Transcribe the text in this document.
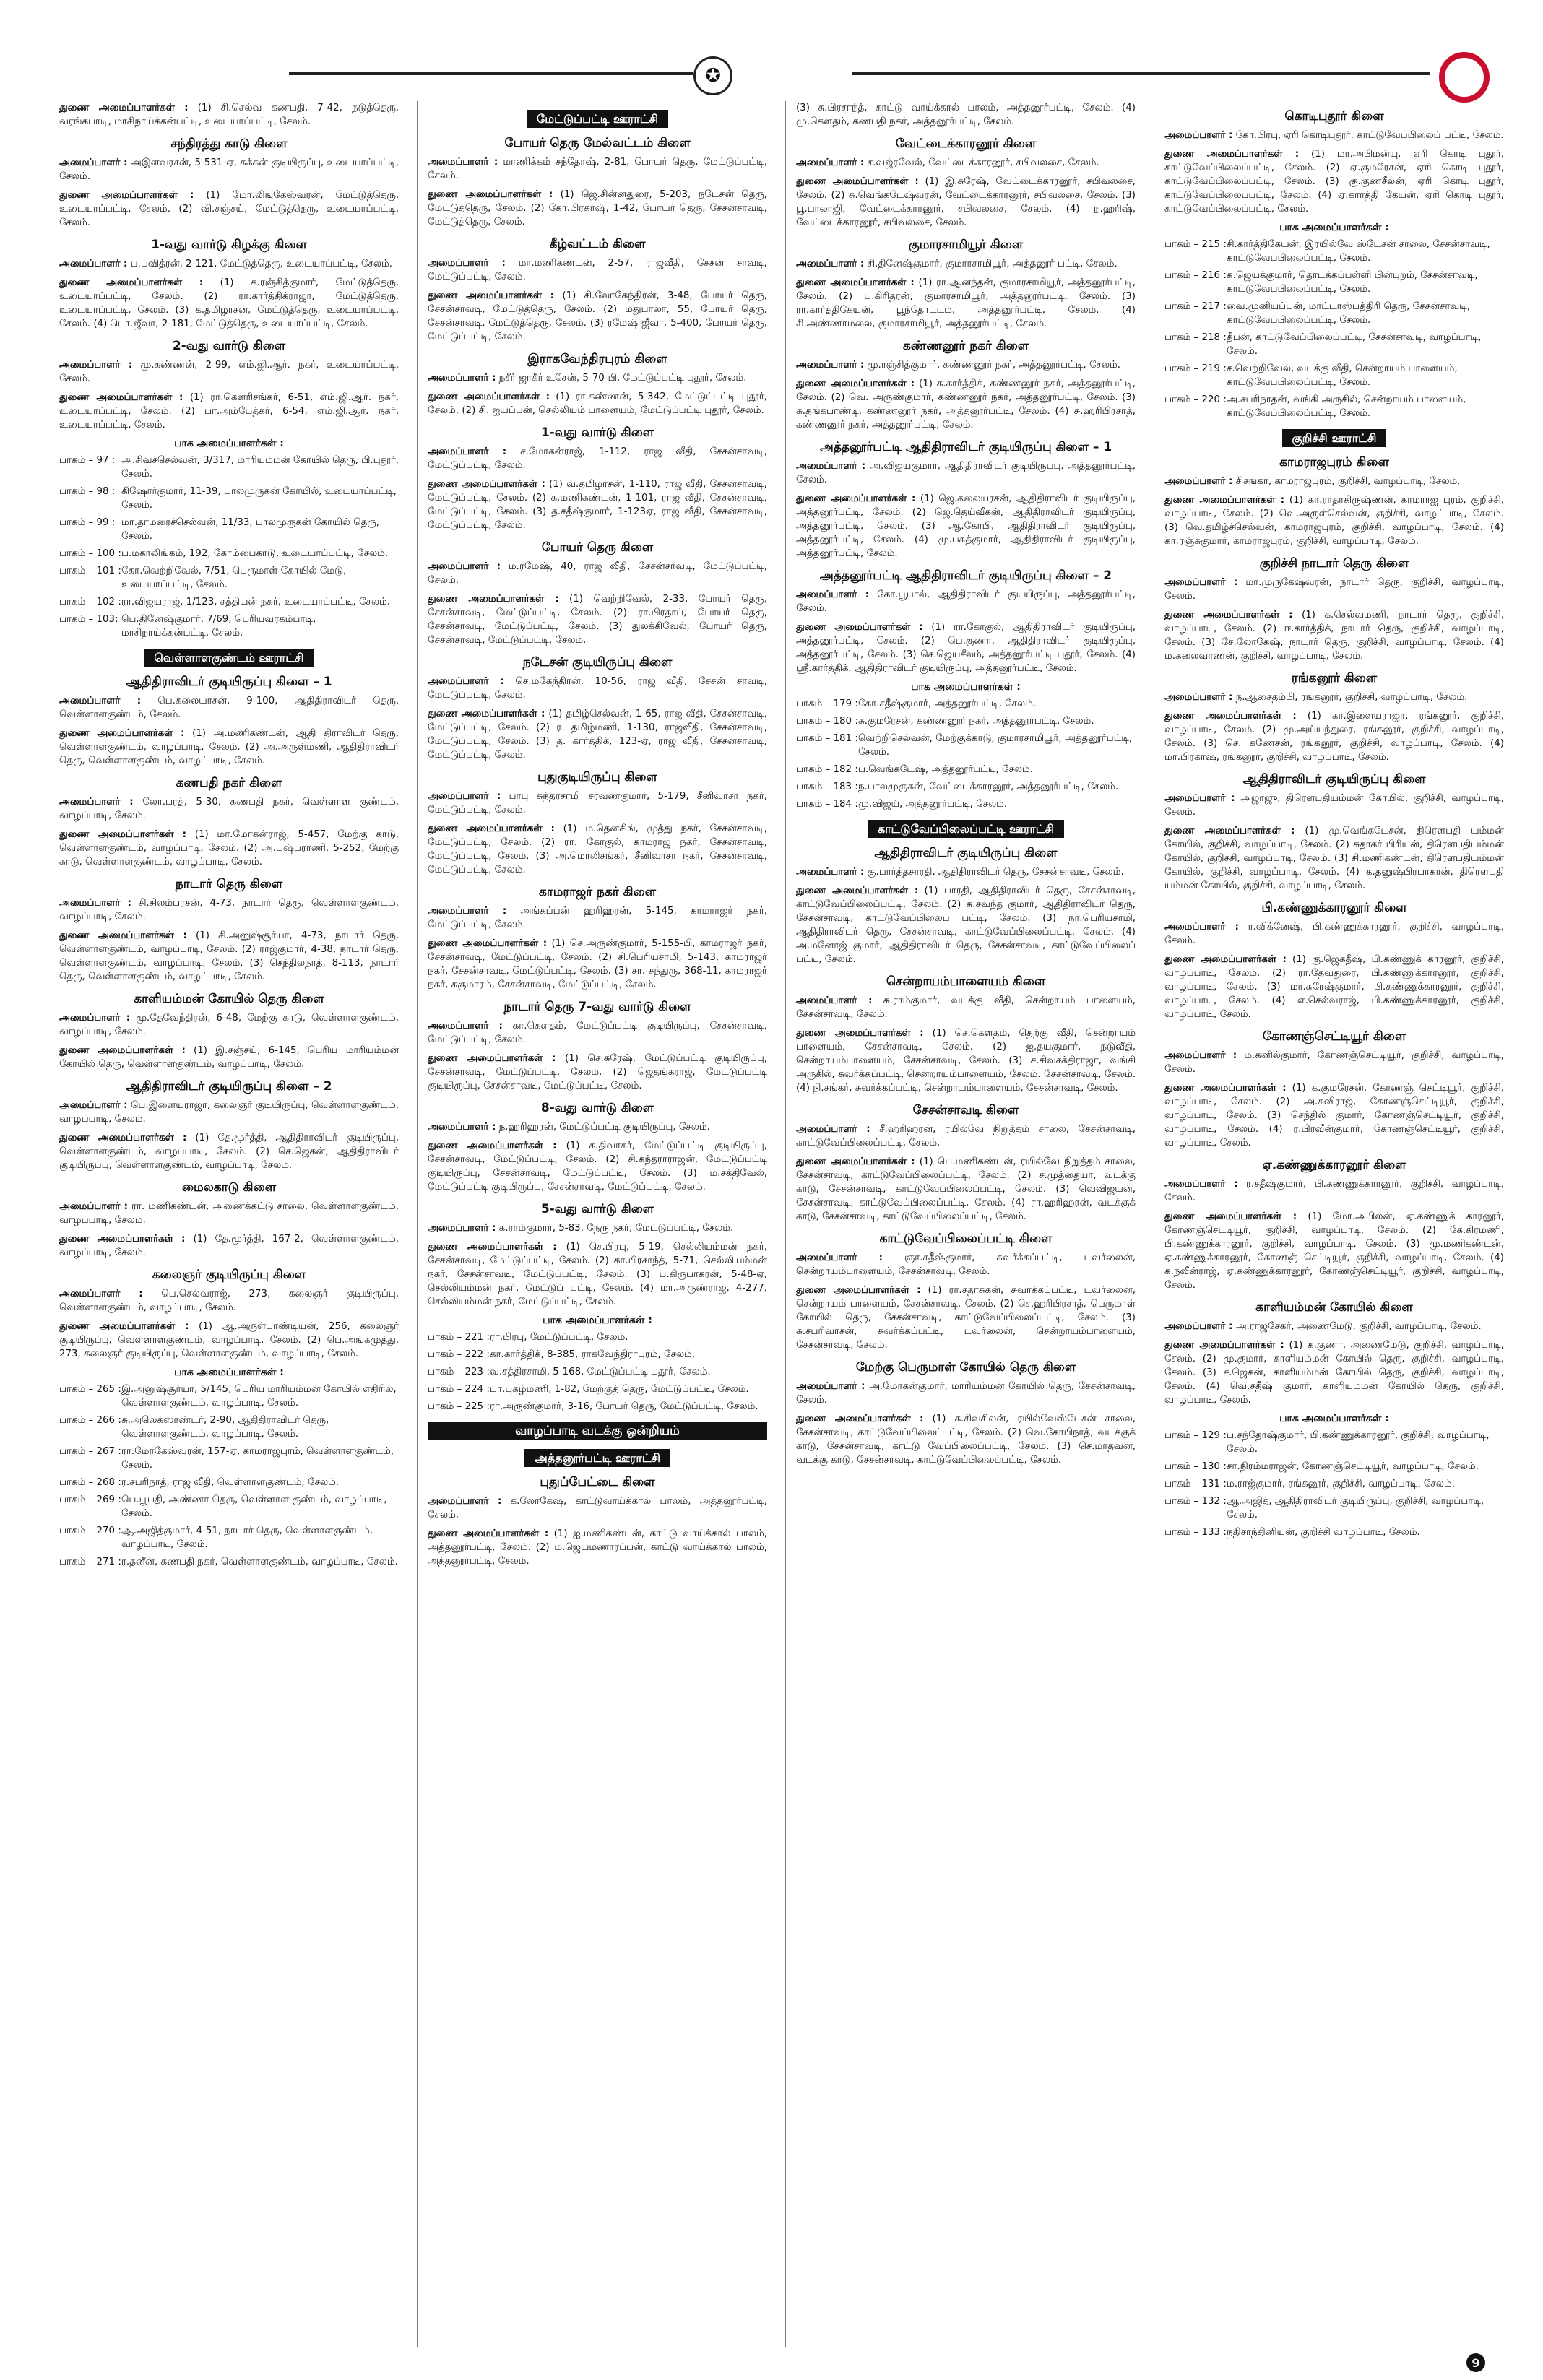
✪

துணை அமைப்பாளர்கள் : (1) சி.செல்வ கணபதி, 7-42, நடுத்தெரு, வரங்கபாடி, மாசிநாய்க்கன்பட்டி, உடையாப்பட்டி, சேலம்.

சந்திரத்து காடு கிளை

அமைப்பாளர் : அஇளவரசன், 5-531-ஏ, சுக்கன் குடியிருப்பு, உடையாப்பட்டி, சேலம்.

துணை அமைப்பாளர்கள் : (1) மோ.லிங்கேஸ்வரன், மேட்டுத்தெரு, உடையாப்பட்டி, சேலம். (2) வி.சஞ்சய், மேட்டுத்தெரு, உடையாப்பட்டி, சேலம்.

1-வது வார்டு கிழக்கு கிளை

அமைப்பாளர் : ப.பவித்ரன், 2-121, மேட்டுத்தெரு, உடையாப்பட்டி, சேலம்.

துணை அமைப்பாளர்கள் : (1) க.ரஞ்சித்குமார், மேட்டுத்தெரு, உடையாப்பட்டி, சேலம். (2) ரா.கார்த்திக்ராஜா, மேட்டுத்தெரு, உடையாப்பட்டி, சேலம். (3) க.தமிழரசன், மேட்டுத்தெரு, உடையாப்பட்டி, சேலம். (4) பொ.ஜீவா, 2-181, மேட்டுத்தெரு, உடையாப்பட்டி, சேலம்.

2-வது வார்டு கிளை

அமைப்பாளர் : மு.கண்ணன், 2-99, எம்.ஜி.ஆர். நகர், உடையாப்பட்டி, சேலம்.

துணை அமைப்பாளர்கள் : (1) ரா.கௌரிசங்கர், 6-51, எம்.ஜி.ஆர். நகர், உடையாப்பட்டி, சேலம். (2) பா.அம்பேத்கர், 6-54, எம்.ஜி.ஆர். நகர், உடையாப்பட்டி, சேலம்.

பாக அமைப்பாளர்கள் :
பாகம் – 97 : அ.சிவச்செல்வன், 3/317, மாரியம்மன் கோயில் தெரு, பி.புதூர், சேலம்.
பாகம் – 98 : கிஷோர்குமார், 11-39, பாலமுருகன் கோயில், உடையாப்பட்டி, சேலம்.
பாகம் – 99 : மா.தாமரைச்செல்வன், 11/33, பாலமுருகன் கோயில் தெரு, சேலம்.
பாகம் – 100 : ப.மகாலிங்கம், 192, கோம்பைகாடு, உடையாப்பட்டி, சேலம்.
பாகம் – 101 : கோ.வெற்றிவேல், 7/51, பெருமாள் கோயில் மேடு, உடையாப்பட்டி, சேலம்.
பாகம் – 102 : ரா.விஜயராஜ், 1/123, சத்தியன் நகர், உடையாப்பட்டி, சேலம்.
பாகம் – 103: பெ.தினேஷ்குமார், 7/69, பெரியவரகம்பாடி, மாசிநாய்க்கன்பட்டி, சேலம்.
வெள்ளாளகுண்டம் ஊராட்சி
ஆதிதிராவிடர் குடியிருப்பு கிளை – 1

அமைப்பாளர் : பெ.கலையரசன், 9-100, ஆதிதிராவிடர் தெரு, வெள்ளாளகுண்டம், சேலம்.

துணை அமைப்பாளர்கள் : (1) அ.மணிகண்டன், ஆதி திராவிடர் தெரு, வெள்ளாளகுண்டம், வாழப்பாடி, சேலம். (2) அ.அருள்மணி, ஆதிதிராவிடர் தெரு, வெள்ளாளகுண்டம், வாழப்பாடி, சேலம்.

கணபதி நகர் கிளை

அமைப்பாளர் : லோ.பரத், 5-30, கணபதி நகர், வெள்ளாள குண்டம், வாழப்பாடி, சேலம்.

துணை அமைப்பாளர்கள் : (1) மா.மோகன்ராஜ், 5-457, மேற்கு காடு, வெள்ளாளகுண்டம், வாழப்பாடி, சேலம். (2) அ.புஷ்பராணி, 5-252, மேற்கு காடு, வெள்ளாளகுண்டம், வாழப்பாடி, சேலம்.

நாடார் தெரு கிளை

அமைப்பாளர் : சி.சிலம்பரசன், 4-73, நாடார் தெரு, வெள்ளாளகுண்டம், வாழப்பாடி, சேலம்.

துணை அமைப்பாளர்கள் : (1) சி.அனுஷ்சூர்யா, 4-73, நாடார் தெரு, வெள்ளாளகுண்டம், வாழப்பாடி, சேலம். (2) ராஜ்குமார், 4-38, நாடார் தெரு, வெள்ளாளகுண்டம், வாழப்பாடி, சேலம். (3) செந்தில்நாத், 8-113, நாடார் தெரு, வெள்ளாளகுண்டம், வாழப்பாடி, சேலம்.

காளியம்மன் கோயில் தெரு கிளை

அமைப்பாளர் : மு.தேவேந்திரன், 6-48, மேற்கு காடு, வெள்ளாளகுண்டம், வாழப்பாடி, சேலம்.

துணை அமைப்பாளர்கள் : (1) இ.சஞ்சய், 6-145, பெரிய மாரியம்மன் கோயில் தெரு, வெள்ளாளகுண்டம், வாழப்பாடி, சேலம்.

ஆதிதிராவிடர் குடியிருப்பு கிளை – 2

அமைப்பாளர் : பெ.இளையராஜா, கலைஞர் குடியிருப்பு, வெள்ளாளகுண்டம், வாழப்பாடி, சேலம்.

துணை அமைப்பாளர்கள் : (1) தே.மூர்த்தி, ஆதிதிராவிடர் குடியிருப்பு, வெள்ளாளகுண்டம், வாழப்பாடி, சேலம். (2) செ.ஜெகன், ஆதிதிராவிடர் குடியிருப்பு, வெள்ளாளகுண்டம், வாழப்பாடி, சேலம்.

மைலகாடு கிளை

அமைப்பாளர் : ரா. மணிகண்டன், அணைக்கட்டு சாலை, வெள்ளாளகுண்டம், வாழப்பாடி, சேலம்.

துணை அமைப்பாளர்கள் : (1) தே.மூர்த்தி, 167-2, வெள்ளாளகுண்டம், வாழப்பாடி, சேலம்.

கலைஞர் குடியிருப்பு கிளை

அமைப்பாளர் : பெ.செல்வராஜ், 273, கலைஞர் குடியிருப்பு, வெள்ளாளகுண்டம், வாழப்பாடி, சேலம்.

துணை அமைப்பாளர்கள் : (1) ஆ.அருள்பாண்டியன், 256, கலைஞர் குடியிருப்பு, வெள்ளாளகுண்டம், வாழப்பாடி, சேலம். (2) பெ.அங்கமுத்து, 273, கலைஞர் குடியிருப்பு, வெள்ளாளகுண்டம், வாழப்பாடி, சேலம்.

பாக அமைப்பாளர்கள் :
பாகம் – 265 : இ.அனுஷ்சூர்யா, 5/145, பெரிய மாரியம்மன் கோயில் எதிரில், வெள்ளாளகுண்டம், வாழப்பாடி, சேலம்.
பாகம் – 266 : சு.அலெக்ஸாண்டர், 2-90, ஆதிதிராவிடர் தெரு, வெள்ளாளகுண்டம், வாழப்பாடி, சேலம்.
பாகம் – 267 : ரா.மோகேஸ்வரன், 157-ஏ, காமராஜபுரம், வெள்ளாளகுண்டம், சேலம்.
பாகம் – 268 : ர.சபரிநாத், ராஜ வீதி, வெள்ளாளகுண்டம், சேலம்.
பாகம் – 269 : பெ.பூபதி, அண்ணா தெரு, வெள்ளாள குண்டம், வாழப்பாடி, சேலம்.
பாகம் – 270 : ஆ.அஜித்குமார், 4-51, நாடார் தெரு, வெள்ளாளகுண்டம், வாழப்பாடி, சேலம்.
பாகம் – 271 : ர.தனீன், கணபதி நகர், வெள்ளாளகுண்டம், வாழப்பாடி, சேலம்.
மேட்டுப்பட்டி ஊராட்சி
போயர் தெரு மேல்வட்டம் கிளை

அமைப்பாளர் : மாணிக்கம் சந்தோஷ், 2-81, போயர் தெரு, மேட்டுப்பட்டி, சேலம்.

துணை அமைப்பாளர்கள் : (1) ஜெ.சின்னதுரை, 5-203, நடேசன் தெரு, மேட்டுத்தெரு, சேலம். (2) கோ.பிரகாஷ், 1-42, போயர் தெரு, சேசன்சாவடி, மேட்டுத்தெரு, சேலம்.

கீழ்வட்டம் கிளை

அமைப்பாளர் : மா.மணிகண்டன், 2-57, ராஜவீதி, சேசன் சாவடி, மேட்டுப்பட்டி, சேலம்.

துணை அமைப்பாளர்கள் : (1) சி.லோகேந்திரன், 3-48, போயர் தெரு, சேசன்சாவடி, மேட்டுத்தெரு, சேலம். (2) மதுபாலா, 55, போயர் தெரு, சேசன்சாவடி, மேட்டுத்தெரு, சேலம். (3) ரமேஷ் ஜீவா, 5-400, போயர் தெரு, மேட்டுப்பட்டி, சேலம்.

இராகவேந்திரபுரம் கிளை

அமைப்பாளர் : நசீர் ஜாகீர் உசேன், 5-70-பி, மேட்டுப்பட்டி புதூர், சேலம்.

துணை அமைப்பாளர்கள் : (1) ரா.கண்ணன், 5-342, மேட்டுப்பட்டி புதூர், சேலம். (2) சி. ஐயப்பன், செல்லியம் பாளையம், மேட்டுப்பட்டி புதூர், சேலம்.

1-வது வார்டு கிளை

அமைப்பாளர் : ச.மோகன்ராஜ், 1-112, ராஜ வீதி, சேசன்சாவடி, மேட்டுப்பட்டி, சேலம்.

துணை அமைப்பாளர்கள் : (1) வ.தமிழரசன், 1-110, ராஜ வீதி, சேசன்சாவடி, மேட்டுப்பட்டி, சேலம். (2) க.மணிகண்டன், 1-101, ராஜ வீதி, சேசன்சாவடி, மேட்டுப்பட்டி, சேலம். (3) த.சதீஷ்குமார், 1-123ஏ, ராஜ வீதி, சேசன்சாவடி, மேட்டுப்பட்டி, சேலம்.

போயர் தெரு கிளை

அமைப்பாளர் : ம.ரமேஷ், 40, ராஜ வீதி, சேசன்சாவடி, மேட்டுப்பட்டி, சேலம்.

துணை அமைப்பாளர்கள் : (1) வெற்றிவேல், 2-33, போயர் தெரு, சேசன்சாவடி, மேட்டுப்பட்டி, சேலம். (2) ரா.பிரதாப், போயர் தெரு, சேசன்சாவடி, மேட்டுப்பட்டி, சேலம். (3) துலக்கிவேல், போயர் தெரு, சேசன்சாவடி, மேட்டுப்பட்டி, சேலம்.

நடேசன் குடியிருப்பு கிளை

அமைப்பாளர் : செ.மகேந்திரன், 10-56, ராஜ வீதி, சேசன் சாவடி, மேட்டுப்பட்டி, சேலம்.

துணை அமைப்பாளர்கள் : (1) தமிழ்செல்வன், 1-65, ராஜ வீதி, சேசன்சாவடி, மேட்டுப்பட்டி, சேலம். (2) ர. தமிழ்மணி, 1-130, ராஜவீதி, சேசன்சாவடி, மேட்டுப்பட்டி, சேலம். (3) த. கார்த்திக், 123-ஏ, ராஜ வீதி, சேசன்சாவடி, மேட்டுப்பட்டி, சேலம்.

புதுகுடியிருப்பு கிளை

அமைப்பாளர் : பாபு சுந்தரசாமி சரவணகுமார், 5-179, சீனிவாசா நகர், மேட்டுப்பட்டி, சேலம்.

துணை அமைப்பாளர்கள் : (1) ம.தெனசிங், முத்து நகர், சேசன்சாவடி, மேட்டுப்பட்டி, சேலம். (2) ரா. கோகுல், காமராஜ நகர், சேசன்சாவடி, மேட்டுப்பட்டி, சேலம். (3) அ.மொலிசங்கர், சீனிவாசா நகர், சேசன்சாவடி, மேட்டுப்பட்டி, சேலம்.

காமராஜர் நகர் கிளை

அமைப்பாளர் : அங்கப்பன் ஹரிஹரன், 5-145, காமராஜர் நகர், மேட்டுப்பட்டி, சேலம்.

துணை அமைப்பாளர்கள் : (1) செ.அருண்குமார், 5-155-பி, காமராஜர் நகர், சேசன்சாவடி, மேட்டுப்பட்டி, சேலம். (2) சி.பெரியசாமி, 5-143, காமராஜர் நகர், சேசன்சாவடி, மேட்டுப்பட்டி, சேலம். (3) சா. சந்துரு, 368-11, காமராஜர் நகர், சுகுமாரம், சேசன்சாவடி, மேட்டுப்பட்டி, சேலம்.

நாடார் தெரு 7-வது வார்டு கிளை

அமைப்பாளர் : கா.கௌதம், மேட்டுப்பட்டி குடியிருப்பு, சேசன்சாவடி, மேட்டுப்பட்டி, சேலம்.

துணை அமைப்பாளர்கள் : (1) செ.சுரேஷ், மேட்டுப்பட்டி குடியிருப்பு, சேசன்சாவடி, மேட்டுப்பட்டி, சேலம். (2) ஜெதங்கராஜ், மேட்டுப்பட்டி குடியிருப்பு, சேசன்சாவடி, மேட்டுப்பட்டி, சேலம்.

8-வது வார்டு கிளை

அமைப்பாளர் : ந.ஹரிஹரன், மேட்டுப்பட்டி குடியிருப்பு, சேலம்.

துணை அமைப்பாளர்கள் : (1) க.திவாகர், மேட்டுப்பட்டி குடியிருப்பு, சேசன்சாவடி, மேட்டுப்பட்டி, சேலம். (2) சி.கந்தராராஜன், மேட்டுப்பட்டி குடியிருப்பு, சேசன்சாவடி, மேட்டுப்பட்டி, சேலம். (3) ம.சக்திவேல், மேட்டுப்பட்டி குடியிருப்பு, சேசன்சாவடி, மேட்டுப்பட்டி, சேலம்.

5-வது வார்டு கிளை

அமைப்பாளர் : க.ராம்குமார், 5-83, நேரு நகர், மேட்டுப்பட்டி, சேலம்.

துணை அமைப்பாளர்கள் : (1) செ.பிரபு, 5-19, செல்லியம்மன் நகர், சேசன்சாவடி, மேட்டுப்பட்டி, சேலம். (2) கா.பிரசாந்த், 5-71, செல்லியம்மன் நகர், சேசன்சாவடி, மேட்டுப்பட்டி, சேலம். (3) ப.கிருபாகரன், 5-48-ஏ, செல்லியம்மன் நகர், மேட்டுப் பட்டி, சேலம். (4) மா.அருண்ராஜ், 4-277, செல்லியம்மன் நகர், மேட்டுப்பட்டி, சேலம்.

பாக அமைப்பாளர்கள் :
பாகம் – 221 : ரா.பிரபு, மேட்டுப்பட்டி, சேலம்.
பாகம் – 222 : கா.கார்த்திக், 8-385, ராகவேந்திராபுரம், சேலம்.
பாகம் – 223 : வ.சத்திரசாமி, 5-168, மேட்டுப்பட்டி புதூர், சேலம்.
பாகம் – 224 : பா.புகழ்மணி, 1-82, மேற்குத் தெரு, மேட்டுப்பட்டி, சேலம்.
பாகம் – 225 : ரா.அருண்குமார், 3-16, போயர் தெரு, மேட்டுப்பட்டி, சேலம்.
வாழப்பாடி வடக்கு ஒன்றியம்
அத்தனூர்பட்டி ஊராட்சி
புதுப்பேட்டை கிளை

அமைப்பாளர் : க.லோகேஷ், காட்டுவாய்க்கால் பாலம், அத்தனூர்பட்டி, சேலம்.

துணை அமைப்பாளர்கள் : (1) ஐ.மணிகண்டன், காட்டு வாய்க்கால் பாலம், அத்தனூர்பட்டி, சேலம். (2) ம.ஜெயமணாரப்பன், காட்டு வாய்க்கால் பாலம், அத்தனூர்பட்டி, சேலம்.

(3) சு.பிரசாந்த், காட்டு வாய்க்கால் பாலம், அத்தனூர்பட்டி, சேலம். (4) மு.கௌதம், கணபதி நகர், அத்தனூர்பட்டி, சேலம்.

வேட்டைக்காரனூர் கிளை

அமைப்பாளர் : ச.வஜ்ரவேல், வேட்டைக்காரனூர், சபிவலசை, சேலம்.

துணை அமைப்பாளர்கள் : (1) இ.சுரேஷ், வேட்டைக்காரனூர், சபிவலசை, சேலம். (2) சு.வெங்கடேஷ்வரன், வேட்டைக்காரனூர், சபிவலசை, சேலம். (3) பூ.பாலாஜி, வேட்டைக்காரனூர், சபிவலசை, சேலம். (4) ந.ஹரிஷ், வேட்டைக்காரனூர், சபிவலசை, சேலம்.

குமாரசாமியூர் கிளை

அமைப்பாளர் : சி.தினேஷ்குமார், குமாரசாமியூர், அத்தனூர் பட்டி, சேலம்.

துணை அமைப்பாளர்கள் : (1) ரா.ஆனந்தன், குமாரசாமியூர், அத்தனூர்பட்டி, சேலம். (2) ப.கிரிதரன், குமாரசாமியூர், அத்தனூர்பட்டி, சேலம். (3) ரா.கார்த்திகேயன், பூந்தோட்டம், அத்தனூர்பட்டி, சேலம். (4) சி.அண்ணாமலை, குமாரசாமியூர், அத்தனூர்பட்டி, சேலம்.

கண்ணனூர் நகர் கிளை

அமைப்பாளர் : மு.ரஞ்சித்குமார், கண்ணனூர் நகர், அத்தனூர்பட்டி, சேலம்.

துணை அமைப்பாளர்கள் : (1) க.கார்த்திக், கண்ணனூர் நகர், அத்தனூர்பட்டி, சேலம். (2) வெ. அருண்குமார், கண்ணனூர் நகர், அத்தனூர்பட்டி, சேலம். (3) சு.தங்கபாண்டி, கண்ணனூர் நகர், அத்தனூர்பட்டி, சேலம். (4) சு.ஹரிபிரசாத், கண்ணனூர் நகர், அத்தனூர்பட்டி, சேலம்.

அத்தனூர்பட்டி ஆதிதிராவிடர் குடியிருப்பு கிளை – 1

அமைப்பாளர் : அ.விஜய்குமார், ஆதிதிராவிடர் குடியிருப்பு, அத்தனூர்பட்டி, சேலம்.

துணை அமைப்பாளர்கள் : (1) ஜெ.கலையரசன், ஆதிதிராவிடர் குடியிருப்பு, அத்தனூர்பட்டி, சேலம். (2) ஜெ.தெய்வீகன், ஆதிதிராவிடர் குடியிருப்பு, அத்தனூர்பட்டி, சேலம். (3) ஆ.கோபி, ஆதிதிராவிடர் குடியிருப்பு, அத்தனூர்பட்டி, சேலம். (4) மு.பசுத்குமார், ஆதிதிராவிடர் குடியிருப்பு, அத்தனூர்பட்டி, சேலம்.

அத்தனூர்பட்டி ஆதிதிராவிடர் குடியிருப்பு கிளை – 2

அமைப்பாளர் : கோ.பூபால், ஆதிதிராவிடர் குடியிருப்பு, அத்தனூர்பட்டி, சேலம்.

துணை அமைப்பாளர்கள் : (1) ரா.கோகுல், ஆதிதிராவிடர் குடியிருப்பு, அத்தனூர்பட்டி, சேலம். (2) பெ.குணா, ஆதிதிராவிடர் குடியிருப்பு, அத்தனூர்பட்டி, சேலம். (3) செ.ஜெயசீலம், அத்தனூர்பட்டி புதூர், சேலம். (4) ஸ்ரீ.கார்த்திக், ஆதிதிராவிடர் குடியிருப்பு, அத்தனூர்பட்டி, சேலம்.

பாக அமைப்பாளர்கள் :
பாகம் – 179 : கோ.சதீஷ்குமார், அத்தனூர்பட்டி, சேலம்.
பாகம் – 180 : சு.குமரேசன், கண்ணனூர் நகர், அத்தனூர்பட்டி, சேலம்.
பாகம் – 181 : வெற்றிசெல்வன், மேற்குக்காடு, குமாரசாமியூர், அத்தனூர்பட்டி, சேலம்.
பாகம் – 182 : ப.வெங்கடேஷ், அத்தனூர்பட்டி, சேலம்.
பாகம் – 183 : ந.பாலமுருகன், வேட்டைக்காரனூர், அத்தனூர்பட்டி, சேலம்.
பாகம் – 184 : மு.விஜய், அத்தனூர்பட்டி, சேலம்.
காட்டுவேப்பிலைப்பட்டி ஊராட்சி
ஆதிதிராவிடர் குடியிருப்பு கிளை

அமைப்பாளர் : கு.பார்த்தசாரதி, ஆதிதிராவிடர் தெரு, சேசன்சாவடி, சேலம்.

துணை அமைப்பாளர்கள் : (1) பாரதி, ஆதிதிராவிடர் தெரு, சேசன்சாவடி, காட்டுவேப்பிலைப்பட்டி, சேலம். (2) சு.சவந்த குமார், ஆதிதிராவிடர் தெரு, சேசன்சாவடி, காட்டுவேப்பிலைப் பட்டி, சேலம். (3) நா.பெரியசாமி, ஆதிதிராவிடர் தெரு, சேசன்சாவடி, காட்டுவேப்பிலைப்பட்டி, சேலம். (4) அ.மனோஜ் குமார், ஆதிதிராவிடர் தெரு, சேசன்சாவடி, காட்டுவேப்பிலைப் பட்டி, சேலம்.

சென்றாயம்பாளையம் கிளை

அமைப்பாளர் : சு.ராம்குமார், வடக்கு வீதி, சென்றாயம் பாளையம், சேசன்சாவடி, சேலம்.

துணை அமைப்பாளர்கள் : (1) செ.கௌதம், தெற்கு வீதி, சென்றாயம் பாளையம், சேசன்சாவடி, சேலம். (2) ஐ.தயகுமார், நடுவீதி, சென்றாயம்பாளையம், சேசன்சாவடி, சேலம். (3) ச.சிவசக்திராஜா, வங்கி அருகில், சுவர்க்கப்பட்டி, சென்றாயம்பாளையம், சேலம். சேசன்சாவடி, சேலம். (4) நி.சங்கர், சுவர்க்கப்பட்டி, சென்றாயம்பாளையம், சேசன்சாவடி, சேலம்.

சேசன்சாவடி கிளை

அமைப்பாளர் : சீ.ஹரிஹரன், ரயில்வே நிறுத்தம் சாலை, சேசன்சாவடி, காட்டுவேப்பிலைப்பட்டி, சேலம்.

துணை அமைப்பாளர்கள் : (1) பெ.மணிகண்டன், ரயில்வே நிறுத்தம் சாலை, சேசன்சாவடி, காட்டுவேப்பிலைப்பட்டி, சேலம். (2) ச.முத்தையா, வடக்கு காடு, சேசன்சாவடி, காட்டுவேப்பிலைப்பட்டி, சேலம். (3) வெவிஜயன், சேசன்சாவடி, காட்டுவேப்பிலைப்பட்டி, சேலம். (4) ரா.ஹரிஹரன், வடக்குக் காடு, சேசன்சாவடி, காட்டுவேப்பிலைப்பட்டி, சேலம்.

காட்டுவேப்பிலைப்பட்டி கிளை

அமைப்பாளர் : ஞா.சதீஷ்குமார், சுவர்க்கப்பட்டி, டவர்லைன், சென்றாயம்பாளையம், சேசன்சாவடி, சேலம்.

துணை அமைப்பாளர்கள் : (1) ரா.சதாசுகன், சுவர்க்கப்பட்டி, டவர்லைன், சென்றாயம் பாளையம், சேசன்சாவடி, சேலம். (2) செ.ஹரிபிரசாத், பெருமாள் கோயில் தெரு, சேசன்சாவடி, காட்டுவேப்பிலைப்பட்டி, சேலம். (3) சு.சபரிவாசன், சுவர்க்கப்பட்டி, டவர்லைன், சென்றாயம்பாளையம், சேசன்சாவடி, சேலம்.

மேற்கு பெருமாள் கோயில் தெரு கிளை

அமைப்பாளர் : அ.மோகன்குமார், மாரியம்மன் கோயில் தெரு, சேசன்சாவடி, சேலம்.

துணை அமைப்பாளர்கள் : (1) க.சிவசிலன், ரயில்வேஸ்டேசன் சாலை, சேசன்சாவடி, காட்டுவேப்பிலைப்பட்டி, சேலம். (2) வெ.கோபிநாத், வடக்குக் காடு, சேசன்சாவடி, காட்டு வேப்பிலைப்பட்டி, சேலம். (3) செ.மாதவன், வடக்கு காடு, சேசன்சாவடி, காட்டுவேப்பிலைப்பட்டி, சேலம்.

கொடிபுதூர் கிளை

அமைப்பாளர் : கோ.பிரபு, ஏரி கொடிபுதூர், காட்டுவேப்பிலைப் பட்டி, சேலம்.

துணை அமைப்பாளர்கள் : (1) மா.அபிமன்யு, ஏரி கொடி புதூர், காட்டுவேப்பிலைப்பட்டி, சேலம். (2) ஏ.குமரேசன், ஏரி கொடி புதூர், காட்டுவேப்பிலைப்பட்டி, சேலம். (3) கு.குணசீலன், ஏரி கொடி புதூர், காட்டுவேப்பிலைப்பட்டி, சேலம். (4) ஏ.கார்த்தி கேயன், ஏரி கொடி புதூர், காட்டுவேப்பிலைப்பட்டி, சேலம்.

பாக அமைப்பாளர்கள் :
பாகம் – 215 : சி.கார்த்திகேயன், இரயில்வே ஸ்டேசன் சாலை, சேசன்சாவடி, காட்டுவேப்பிலைப்பட்டி, சேலம்.
பாகம் – 216 : க.ஜெயக்குமார், தொடக்கப்பள்ளி பின்புறம், சேசன்சாவடி, காட்டுவேப்பிலைப்பட்டி, சேலம்.
பாகம் – 217 : வை.முனியப்பன், மாட்டாஸ்பத்திரி தெரு, சேசன்சாவடி, காட்டுவேப்பிலைப்பட்டி, சேலம்.
பாகம் – 218 : தீபன், காட்டுவேப்பிலைப்பட்டி, சேசன்சாவடி, வாழப்பாடி, சேலம்.
பாகம் – 219 : ச.வெற்றிவேல், வடக்கு வீதி, சென்றாயம் பாளையம், காட்டுவேப்பிலைப்பட்டி, சேலம்.
பாகம் – 220 : அ.சபரிநாதன், வங்கி அருகில், சென்றாயம் பாளையம், காட்டுவேப்பிலைப்பட்டி, சேலம்.
குறிச்சி ஊராட்சி
காமராஜபுரம் கிளை

அமைப்பாளர் : சிசங்கர், காமராஜபுரம், குறிச்சி, வாழப்பாடி, சேலம்.

துணை அமைப்பாளர்கள் : (1) கா.ராதாகிருஷ்ணன், காமராஜ புரம், குறிச்சி, வாழப்பாடி, சேலம். (2) வெ.அருள்செல்வன், குறிச்சி, வாழப்பாடி, சேலம். (3) வெ.தமிழ்ச்செல்வன், காமராஜபுரம், குறிச்சி, வாழப்பாடி, சேலம். (4) கா.ரஞ்சுகுமார், காமராஜபுரம், குறிச்சி, வாழப்பாடி, சேலம்.

குறிச்சி நாடார் தெரு கிளை

அமைப்பாளர் : மா.முருகேஷ்வரன், நாடார் தெரு, குறிச்சி, வாழப்பாடி, சேலம்.

துணை அமைப்பாளர்கள் : (1) க.செல்வமணி, நாடார் தெரு, குறிச்சி, வாழப்பாடி, சேலம். (2) ஈ.கார்த்திக், நாடார் தெரு, குறிச்சி, வாழப்பாடி, சேலம். (3) சே.லோகேஷ், நாடார் தெரு, குறிச்சி, வாழப்பாடி, சேலம். (4) ம.கலைவாணன், குறிச்சி, வாழப்பாடி, சேலம்.

ரங்கனூர் கிளை

அமைப்பாளர் : ந.ஆசைதம்பி, ரங்கனூர், குறிச்சி, வாழப்பாடி, சேலம்.

துணை அமைப்பாளர்கள் : (1) கா.இளையராஜா, ரங்கனூர், குறிச்சி, வாழப்பாடி, சேலம். (2) மு.அய்யந்துரை, ரங்கனூர், குறிச்சி, வாழப்பாடி, சேலம். (3) செ. கணேசன், ரங்கனூர், குறிச்சி, வாழப்பாடி, சேலம். (4) மா.பிரகாஷ், ரங்கனூர், குறிச்சி, வாழப்பாடி, சேலம்.

ஆதிதிராவிடர் குடியிருப்பு கிளை

அமைப்பாளர் : அஜாஜு, திரௌபதியம்மன் கோயில், குறிச்சி, வாழப்பாடி, சேலம்.

துணை அமைப்பாளர்கள் : (1) மு.வெங்கடேசன், திரௌபதி யம்மன் கோயில், குறிச்சி, வாழப்பாடி, சேலம். (2) சுதாகர் பிரியன், திரௌபதியம்மன் கோயில், குறிச்சி, வாழப்பாடி, சேலம். (3) சி.மணிகண்டன், திரௌபதியம்மன் கோயில், குறிச்சி, வாழப்பாடி, சேலம். (4) க.தனுஷ்பிரபாகரன், திரௌபதி யம்மன் கோயில், குறிச்சி, வாழப்பாடி, சேலம்.

பி.கண்ணுக்காரனூர் கிளை

அமைப்பாளர் : ர.விக்னேஷ், பி.கண்ணுக்காரனூர், குறிச்சி, வாழப்பாடி, சேலம்.

துணை அமைப்பாளர்கள் : (1) கு.ஜெகதீஷ், பி.கண்ணுக் காரனூர், குறிச்சி, வாழப்பாடி, சேலம். (2) ரா.தேவதுரை, பி.கண்ணுக்காரனூர், குறிச்சி, வாழப்பாடி, சேலம். (3) மா.சுரேஷ்குமார், பி.கண்ணுக்காரனூர், குறிச்சி, வாழப்பாடி, சேலம். (4) எ.செல்வராஜ், பி.கண்ணுக்காரனூர், குறிச்சி, வாழப்பாடி, சேலம்.

கோணஞ்செட்டியூர் கிளை

அமைப்பாளர் : ம.கனில்குமார், கோணஞ்செட்டியூர், குறிச்சி, வாழப்பாடி, சேலம்.

துணை அமைப்பாளர்கள் : (1) க.குமரேசன், கோணஞ் செட்டியூர், குறிச்சி, வாழப்பாடி, சேலம். (2) அ.கவிராஜ், கோணஞ்செட்டியூர், குறிச்சி, வாழப்பாடி, சேலம். (3) செந்தில் குமார், கோணஞ்செட்டியூர், குறிச்சி, வாழப்பாடி, சேலம். (4) ர.பிரவீன்குமார், கோணஞ்செட்டியூர், குறிச்சி, வாழப்பாடி, சேலம்.

ஏ.கண்ணுக்காரனூர் கிளை

அமைப்பாளர் : ர.சதீஷ்குமார், பி.கண்ணுக்காரனூர், குறிச்சி, வாழப்பாடி, சேலம்.

துணை அமைப்பாளர்கள் : (1) மோ.அபிலன், ஏ.கண்ணுக் காரனூர், கோணஞ்செட்டியூர், குறிச்சி, வாழப்பாடி, சேலம். (2) கே.கிரமணி, பி.கண்ணுக்காரனூர், குறிச்சி, வாழப்பாடி, சேலம். (3) மு.மணிகண்டன், ஏ.கண்ணுக்காரனூர், கோணஞ் செட்டியூர், குறிச்சி, வாழப்பாடி, சேலம். (4) க.நவீன்ராஜ், ஏ.கண்ணுக்காரனூர், கோணஞ்செட்டியூர், குறிச்சி, வாழப்பாடி, சேலம்.

காளியம்மன் கோயில் கிளை

அமைப்பாளர் : அ.ராஜசேகர், அணைமேடு, குறிச்சி, வாழப்பாடி, சேலம்.

துணை அமைப்பாளர்கள் : (1) க.குணா, அணைமேடு, குறிச்சி, வாழப்பாடி, சேலம். (2) மு.குமார், காளியம்மன் கோயில் தெரு, குறிச்சி, வாழப்பாடி, சேலம். (3) ச.ஜெகன், காளியம்மன் கோயில் தெரு, குறிச்சி, வாழப்பாடி, சேலம். (4) வெ.சதீஷ் குமார், காளியம்மன் கோயில் தெரு, குறிச்சி, வாழப்பாடி, சேலம்.

பாக அமைப்பாளர்கள் :
பாகம் – 129 : ப.சந்தோஷ்குமார், பி.கண்ணுக்காரனூர், குறிச்சி, வாழப்பாடி, சேலம்.
பாகம் – 130 : சா.நிரம்மராஜன், கோணஞ்செட்டியூர், வாழப்பாடி, சேலம்.
பாகம் – 131 : ம.ராஜ்குமார், ரங்கனூர், குறிச்சி, வாழப்பாடி, சேலம்.
பாகம் – 132 : ஆ.அஜித், ஆதிதிராவிடர் குடியிருப்பு, குறிச்சி, வாழப்பாடி, சேலம்.
பாகம் – 133 : நதிசாந்தினியன், குறிச்சி வாழப்பாடி, சேலம்.
9
